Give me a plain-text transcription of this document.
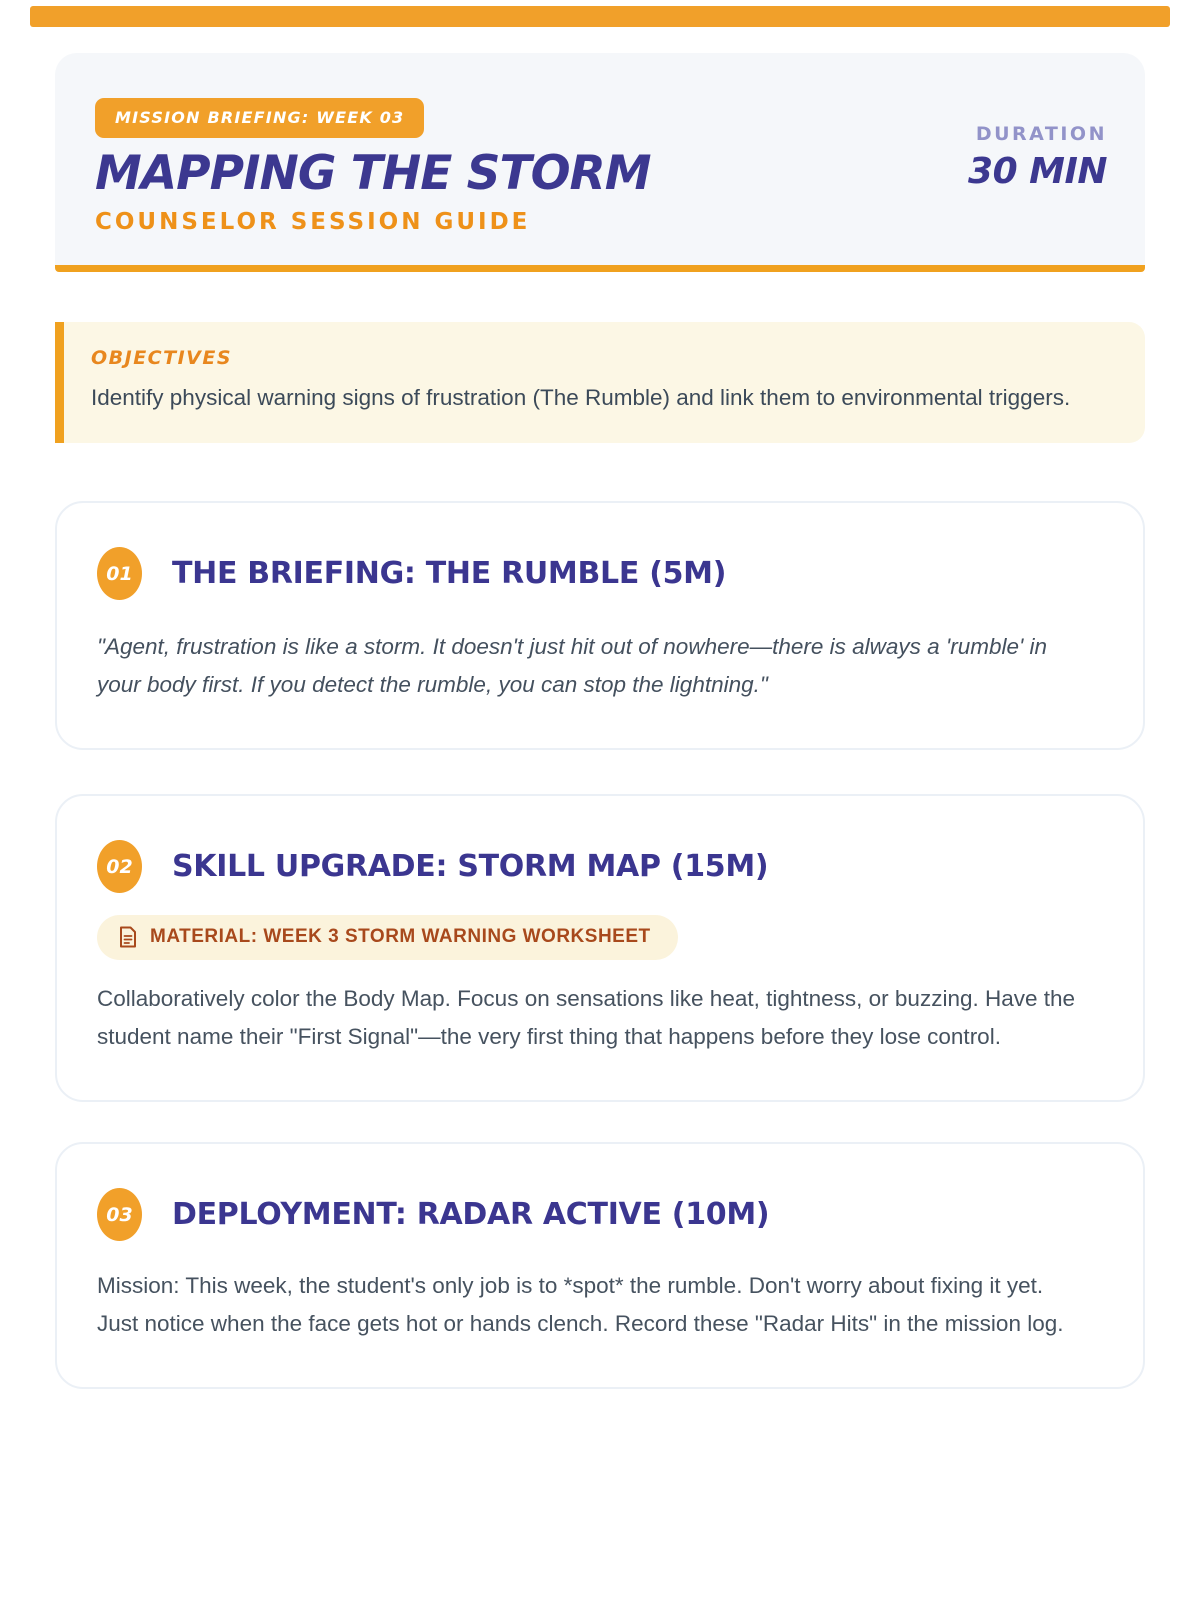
MISSION BRIEFING: WEEK 03
MAPPING THE STORM
COUNSELOR SESSION GUIDE
DURATION
30 MIN
OBJECTIVES

Identify physical warning signs of frustration (The Rumble) and link them to environmental triggers.

01	THE BRIEFING: THE RUMBLE (5M)

"Agent, frustration is like a storm. It doesn't just hit out of nowhere—there is always a 'rumble' in your body first. If you detect the rumble, you can stop the lightning."

02	SKILL UPGRADE: STORM MAP (15M)
MATERIAL: WEEK 3 STORM WARNING WORKSHEET

Collaboratively color the Body Map. Focus on sensations like heat, tightness, or buzzing. Have the student name their "First Signal"—the very first thing that happens before they lose control.

03	DEPLOYMENT: RADAR ACTIVE (10M)

Mission: This week, the student's only job is to *spot* the rumble. Don't worry about fixing it yet. Just notice when the face gets hot or hands clench. Record these "Radar Hits" in the mission log.
